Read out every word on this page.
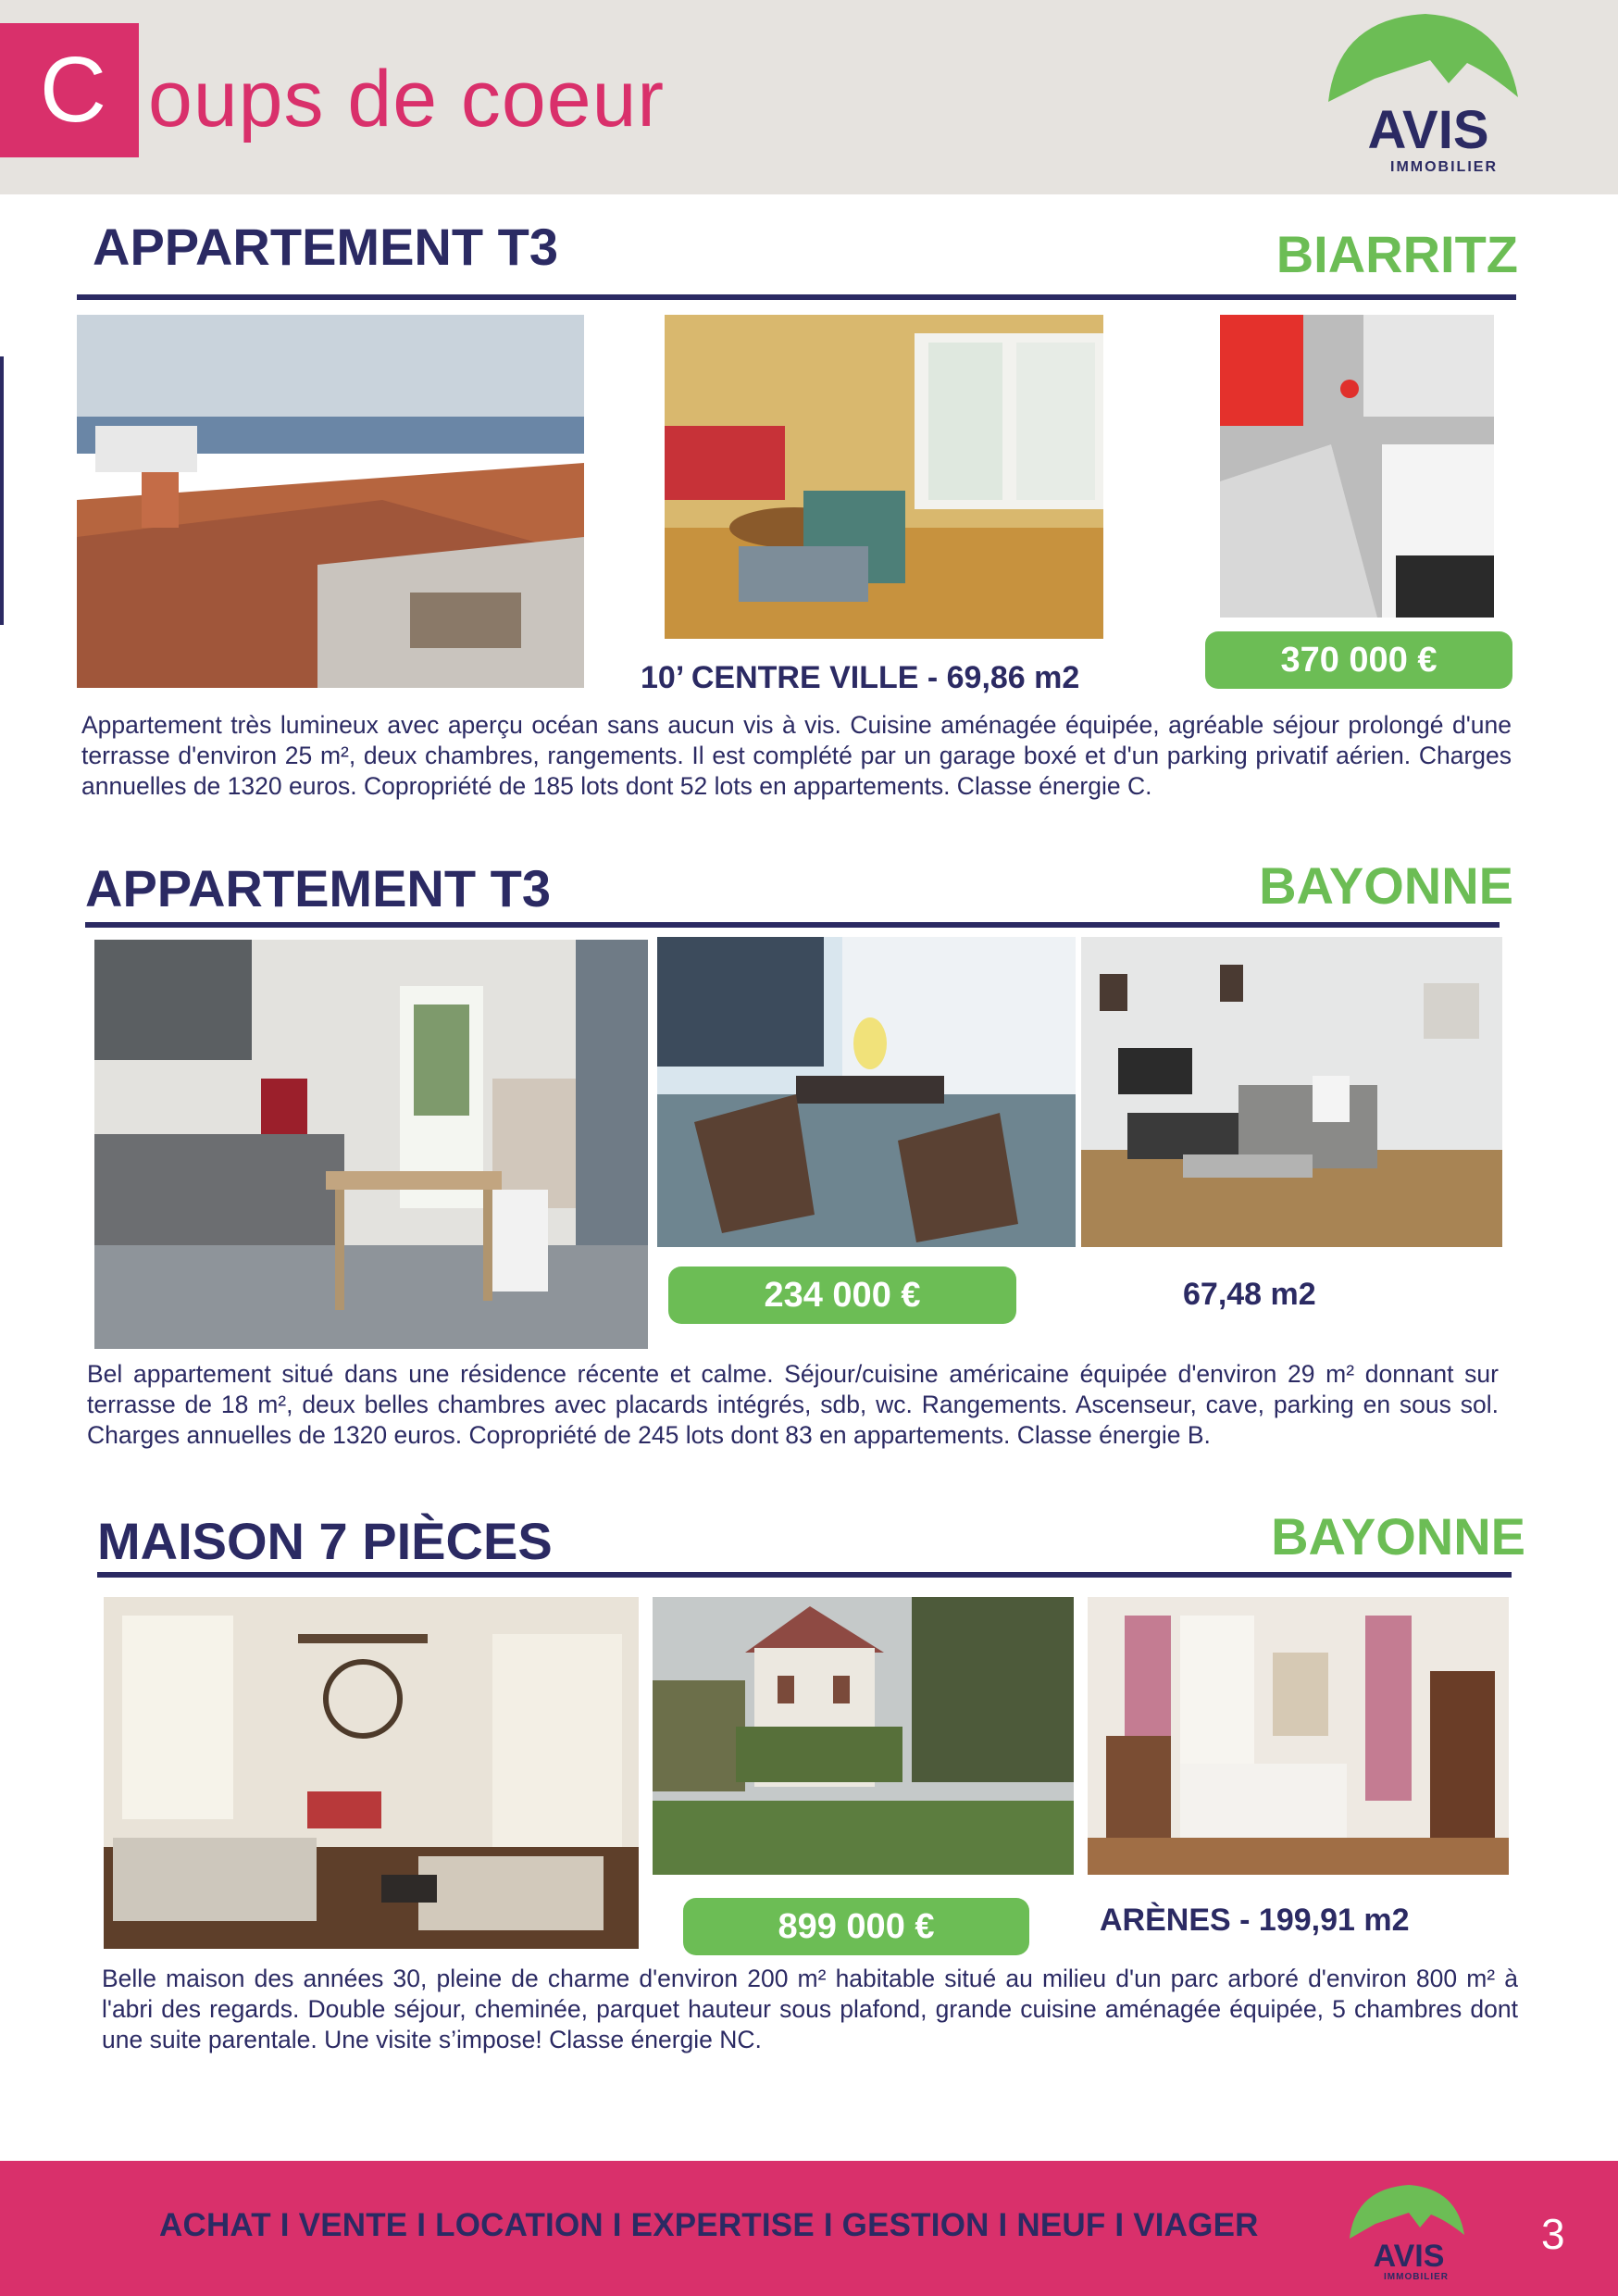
C oups de coeur	AVIS
IMMOBILIER
APPARTEMENT T3	BIARRITZ
370 000 €
10’ CENTRE VILLE - 69,86 m2
Appartement très lumineux avec aperçu océan sans aucun vis à vis. Cuisine aménagée équipée, agréable séjour prolongé d'une terrasse d'environ 25 m², deux chambres, rangements. Il est complété par un garage boxé et d'un parking privatif aérien. Charges annuelles de 1320 euros. Copropriété de 185 lots dont 52 lots en appartements. Classe énergie C.
APPARTEMENT T3	BAYONNE
234 000 €	67,48 m2
Bel appartement situé dans une résidence récente et calme. Séjour/cuisine américaine équipée d'environ 29 m² donnant sur terrasse de 18 m², deux belles chambres avec placards intégrés, sdb, wc. Rangements. Ascenseur, cave, parking en sous sol. Charges annuelles de 1320 euros. Copropriété de 245 lots dont 83 en appartements. Classe énergie B.
MAISON 7 PIÈCES	BAYONNE
899 000 €	ARÈNES - 199,91 m2
Belle maison des années 30, pleine de charme d'environ 200 m² habitable situé au milieu d'un parc arboré d'environ 800 m² à l'abri des regards. Double séjour, cheminée, parquet hauteur sous plafond, grande cuisine aménagée équipée, 5 chambres dont une suite parentale. Une visite s’impose! Classe énergie NC.
ACHAT I VENTE I LOCATION I EXPERTISE I GESTION I NEUF I VIAGER
AVIS
IMMOBILIER
3
